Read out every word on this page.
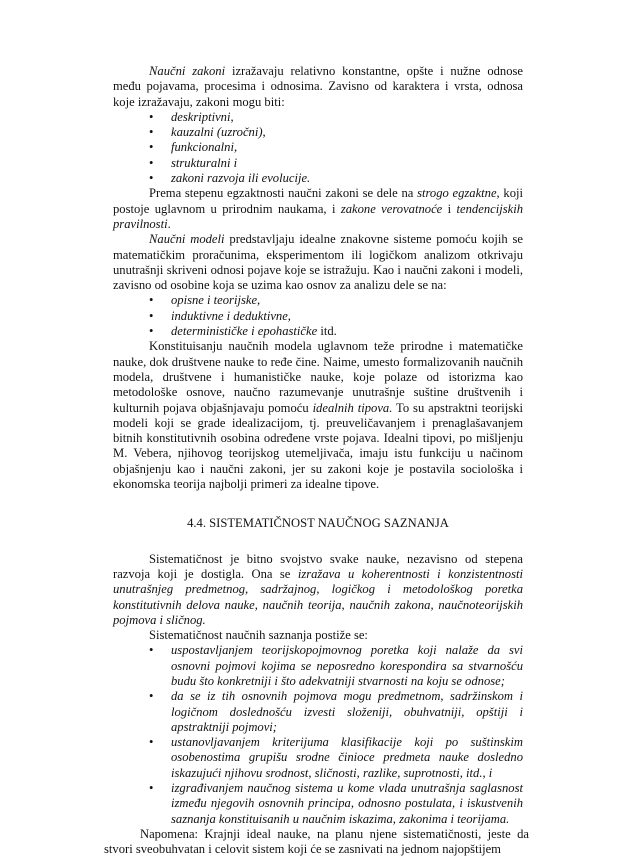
Naučni zakoni izražavaju relativno konstantne, opšte i nužne odnose među pojavama, procesima i odnosima. Zavisno od karaktera i vrsta, odnosa koje izražavaju, zakoni mogu biti:

• deskriptivni,
• kauzalni (uzročni),
• funkcionalni,
• strukturalni i
• zakoni razvoja ili evolucije.

Prema stepenu egzaktnosti naučni zakoni se dele na strogo egzaktne, koji postoje uglavnom u prirodnim naukama, i zakone verovatnoće i tendencijskih pravilnosti.

Naučni modeli predstavljaju idealne znakovne sisteme pomoću kojih se matematičkim proračunima, eksperimentom ili logičkom analizom otkrivaju unutrašnji skriveni odnosi pojave koje se istražuju. Kao i naučni zakoni i modeli, zavisno od osobine koja se uzima kao osnov za analizu dele se na:

• opisne i teorijske,
• induktivne i deduktivne,
• determinističke i epohastičke itd.

Konstituisanju naučnih modela uglavnom teže prirodne i matematičke nauke, dok društvene nauke to ređe čine. Naime, umesto formalizovanih naučnih modela, društvene i humanističke nauke, koje polaze od istorizma kao metodološke osnove, naučno razumevanje unutrašnje suštine društvenih i kulturnih pojava objašnjavaju pomoću idealnih tipova. To su apstraktni teorijski modeli koji se grade idealizacijom, tj. preuveličavanjem i prenaglašavanjem bitnih konstitutivnih osobina određene vrste pojava. Idealni tipovi, po mišljenju M. Vebera, njihovog teorijskog utemeljivača, imaju istu funkciju u načinom objašnjenju kao i naučni zakoni, jer su zakoni koje je postavila sociološka i ekonomska teorija najbolji primeri za idealne tipove.

4.4. SISTEMATIČNOST NAUČNOG SAZNANJA

Sistematičnost je bitno svojstvo svake nauke, nezavisno od stepena razvoja koji je dostigla. Ona se izražava u koherentnosti i konzistentnosti unutrašnjeg predmetnog, sadržajnog, logičkog i metodološkog poretka konstitutivnih delova nauke, naučnih teorija, naučnih zakona, naučnoteorijskih pojmova i sličnog.

Sistematičnost naučnih saznanja postiže se:

• uspostavljanjem teorijskopojmovnog poretka koji nalaže da svi osnovni pojmovi kojima se neposredno korespondira sa stvarnošću budu što konkretniji i što adekvatniji stvarnosti na koju se odnose;
• da se iz tih osnovnih pojmova mogu predmetnom, sadržinskom i logičnom doslednošću izvesti složeniji, obuhvatniji, opštiji i apstraktniji pojmovi;
• ustanovljavanjem kriterijuma klasifikacije koji po suštinskim osobenostima grupišu srodne činioce predmeta nauke dosledno iskazujući njihovu srodnost, sličnosti, razlike, suprotnosti, itd., i
• izgrađivanjem naučnog sistema u kome vlada unutrašnja saglasnost između njegovih osnovnih principa, odnosno postulata, i iskustvenih saznanja konstituisanih u naučnim iskazima, zakonima i teorijama.

Napomena: Krajnji ideal nauke, na planu njene sistematičnosti, jeste da stvori sveobuhvatan i celovit sistem koji će se zasnivati na jednom najopštijem
